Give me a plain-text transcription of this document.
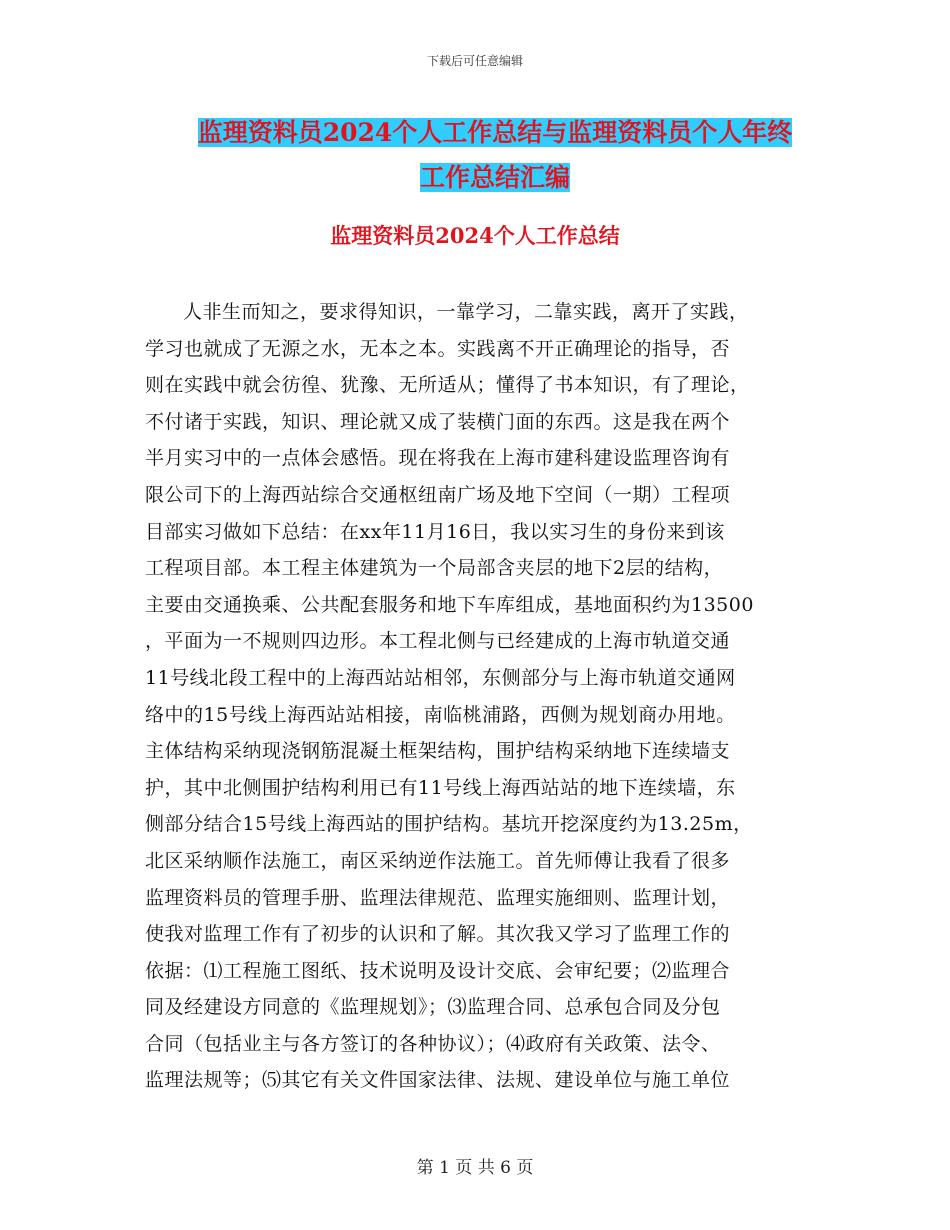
下载后可任意编辑
监理资料员2024个人工作总结与监理资料员个人年终
工作总结汇编
监理资料员2024个人工作总结
人非生而知之，要求得知识，一靠学习，二靠实践，离开了实践，
学习也就成了无源之水，无本之本。实践离不开正确理论的指导，否
则在实践中就会彷徨、犹豫、无所适从；懂得了书本知识，有了理论，
不付诸于实践，知识、理论就又成了装横门面的东西。这是我在两个
半月实习中的一点体会感悟。现在将我在上海市建科建设监理咨询有
限公司下的上海西站综合交通枢纽南广场及地下空间（一期）工程项
目部实习做如下总结：在xx年11月16日，我以实习生的身份来到该
工程项目部。本工程主体建筑为一个局部含夹层的地下2层的结构，
主要由交通换乘、公共配套服务和地下车库组成，基地面积约为13500
，平面为一不规则四边形。本工程北侧与已经建成的上海市轨道交通
11号线北段工程中的上海西站站相邻，东侧部分与上海市轨道交通网
络中的15号线上海西站站相接，南临桃浦路，西侧为规划商办用地。
主体结构采纳现浇钢筋混凝土框架结构，围护结构采纳地下连续墙支
护，其中北侧围护结构利用已有11号线上海西站站的地下连续墙，东
侧部分结合15号线上海西站的围护结构。基坑开挖深度约为13.25m，
北区采纳顺作法施工，南区采纳逆作法施工。首先师傅让我看了很多
监理资料员的管理手册、监理法律规范、监理实施细则、监理计划，
使我对监理工作有了初步的认识和了解。其次我又学习了监理工作的
依据：⑴工程施工图纸、技术说明及设计交底、会审纪要；⑵监理合
同及经建设方同意的《监理规划》；⑶监理合同、总承包合同及分包
合同（包括业主与各方签订的各种协议）；⑷政府有关政策、法令、
监理法规等；⑸其它有关文件国家法律、法规、建设单位与施工单位
第 1 页 共 6 页
